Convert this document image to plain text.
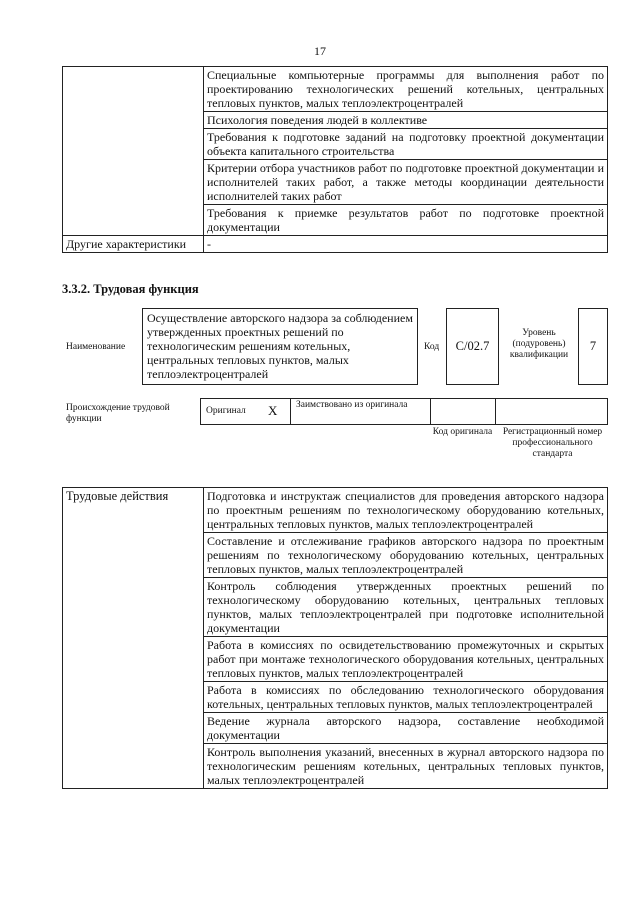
17
	Специальные компьютерные программы для выполнения работ по проектированию технологических решений котельных, центральных тепловых пунктов, малых теплоэлектроцентралей
	Психология поведения людей в коллективе
	Требования к подготовке заданий на подготовку проектной документации объекта капитального строительства
	Критерии отбора участников работ по подготовке проектной документации и исполнителей таких работ, а также методы координации деятельности исполнителей таких работ
	Требования к приемке результатов работ по подготовке проектной документации
Другие характеристики	-
3.3.2. Трудовая функция
Наименование
Осуществление авторского надзора за соблюдением утвержденных проектных решений по технологическим решениям котельных, центральных тепловых пунктов, малых теплоэлектроцентралей
Код	C/02.7
Уровень (подуровень) квалификации
7
Происхождение трудовой функции
Оригинал X Заимствовано из оригинала
Код оригинала	Регистрационный номер профессионального стандарта
Трудовые действия	Подготовка и инструктаж специалистов для проведения авторского надзора по проектным решениям по технологическому оборудованию котельных, центральных тепловых пунктов, малых теплоэлектроцентралей
Составление и отслеживание графиков авторского надзора по проектным решениям по технологическому оборудованию котельных, центральных тепловых пунктов, малых теплоэлектроцентралей
Контроль соблюдения утвержденных проектных решений по технологическому оборудованию котельных, центральных тепловых пунктов, малых теплоэлектроцентралей при подготовке исполнительной документации
Работа в комиссиях по освидетельствованию промежуточных и скрытых работ при монтаже технологического оборудования котельных, центральных тепловых пунктов, малых теплоэлектроцентралей
Работа в комиссиях по обследованию технологического оборудования котельных, центральных тепловых пунктов, малых теплоэлектроцентралей
Ведение журнала авторского надзора, составление необходимой документации
Контроль выполнения указаний, внесенных в журнал авторского надзора по технологическим решениям котельных, центральных тепловых пунктов, малых теплоэлектроцентралей
